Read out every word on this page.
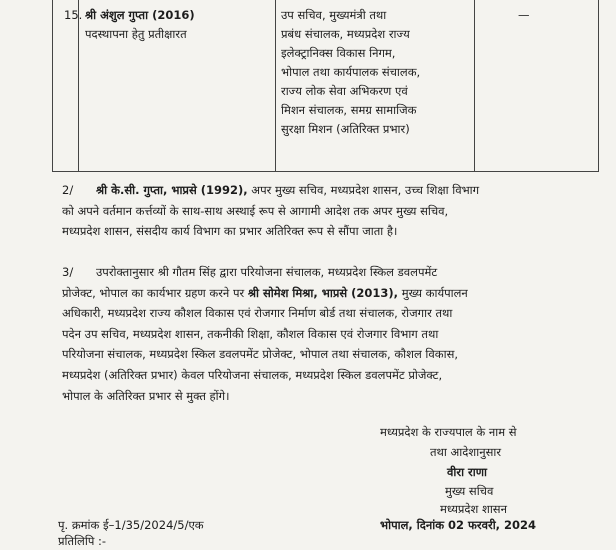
15. श्री अंशुल गुप्ता (2016)
पदस्थापना हेतु प्रतीक्षारत
उप सचिव, मुख्यमंत्री तथा
प्रबंध संचालक, मध्यप्रदेश राज्य
इलेक्ट्रानिक्स विकास निगम,
भोपाल तथा कार्यपालक संचालक,
राज्य लोक सेवा अभिकरण एवं
मिशन संचालक, समग्र सामाजिक
सुरक्षा मिशन (अतिरिक्त प्रभार)
—
2/ श्री के.सी. गुप्ता, भाप्रसे (1992), अपर मुख्य सचिव, मध्यप्रदेश शासन, उच्च शिक्षा विभाग
को अपने वर्तमान कर्त्तव्यों के साथ-साथ अस्थाई रूप से आगामी आदेश तक अपर मुख्य सचिव,
मध्यप्रदेश शासन, संसदीय कार्य विभाग का प्रभार अतिरिक्त रूप से सौंपा जाता है।
3/ उपरोक्तानुसार श्री गौतम सिंह द्वारा परियोजना संचालक, मध्यप्रदेश स्किल डवलपमेंट
प्रोजेक्ट, भोपाल का कार्यभार ग्रहण करने पर श्री सोमेश मिश्रा, भाप्रसे (2013), मुख्य कार्यपालन
अधिकारी, मध्यप्रदेश राज्य कौशल विकास एवं रोजगार निर्माण बोर्ड तथा संचालक, रोजगार तथा
पदेन उप सचिव, मध्यप्रदेश शासन, तकनीकी शिक्षा, कौशल विकास एवं रोजगार विभाग तथा
परियोजना संचालक, मध्यप्रदेश स्किल डवलपमेंट प्रोजेक्ट, भोपाल तथा संचालक, कौशल विकास,
मध्यप्रदेश (अतिरिक्त प्रभार) केवल परियोजना संचालक, मध्यप्रदेश स्किल डवलपमेंट प्रोजेक्ट,
भोपाल के अतिरिक्त प्रभार से मुक्त होंगे।
मध्यप्रदेश के राज्यपाल के नाम से
तथा आदेशानुसार
वीरा राणा
मुख्य सचिव
मध्यप्रदेश शासन
पृ. क्रमांक ई–1/35/2024/5/एक
प्रतिलिपि :-
भोपाल, दिनांक 02 फरवरी, 2024
